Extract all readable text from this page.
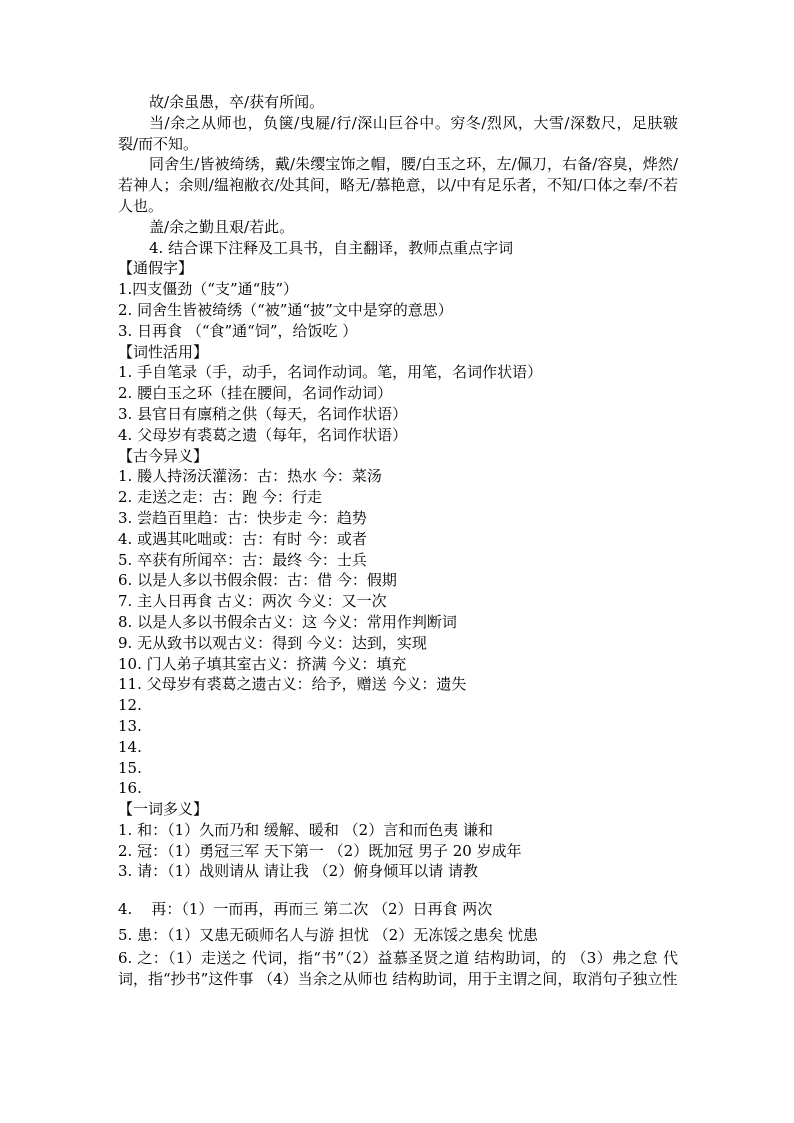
故/余虽愚，卒/获有所闻。

当/余之从师也，负箧/曳屣/行/深山巨谷中。穷冬/烈风，大雪/深数尺，足肤皲裂/而不知。

同舍生/皆被绮绣，戴/朱缨宝饰之帽，腰/白玉之环，左/佩刀，右备/容臭，烨然/若神人；余则/缊袍敝衣/处其间，略无/慕艳意，以/中有足乐者，不知/口体之奉/不若人也。

盖/余之勤且艰/若此。

4. 结合课下注释及工具书，自主翻译，教师点重点字词

【通假字】

1.四支僵劲（“支”通“肢”）

2. 同舍生皆被绮绣（“被”通“披”文中是穿的意思）

3. 日再食 （“食”通“饲”，给饭吃 ）

【词性活用】

1. 手自笔录（手，动手，名词作动词。笔，用笔，名词作状语）

2. 腰白玉之环（挂在腰间，名词作动词）

3. 县官日有廪稍之供（每天，名词作状语）

4. 父母岁有裘葛之遗（每年，名词作状语）

【古今异义】

1. 媵人持汤沃灌汤：古：热水 今：菜汤

2. 走送之走：古：跑 今：行走

3. 尝趋百里趋：古：快步走 今：趋势

4. 或遇其叱咄或：古：有时 今：或者

5. 卒获有所闻卒：古：最终 今：士兵

6. 以是人多以书假余假：古：借 今：假期

7. 主人日再食 古义：两次 今义：又一次

8. 以是人多以书假余古义：这 今义：常用作判断词

9. 无从致书以观古义：得到 今义：达到，实现

10. 门人弟子填其室古义：挤满 今义：填充

11. 父母岁有裘葛之遗古义：给予，赠送 今义：遗失

12.

13.

14.

15.

16.

【一词多义】

1. 和：（1）久而乃和 缓解、暖和 （2）言和而色夷 谦和

2. 冠：（1）勇冠三军 天下第一 （2）既加冠 男子 20 岁成年

3. 请：（1）战则请从 请让我 （2）俯身倾耳以请 请教

4.    再：（1）一而再，再而三 第二次 （2）日再食 两次

5. 患：（1）又患无硕师名人与游 担忧 （2）无冻馁之患矣 忧患

6. 之：（1）走送之 代词，指“书”（2）益慕圣贤之道 结构助词，的 （3）弗之怠 代词，指“抄书”这件事 （4）当余之从师也 结构助词，用于主谓之间，取消句子独立性
